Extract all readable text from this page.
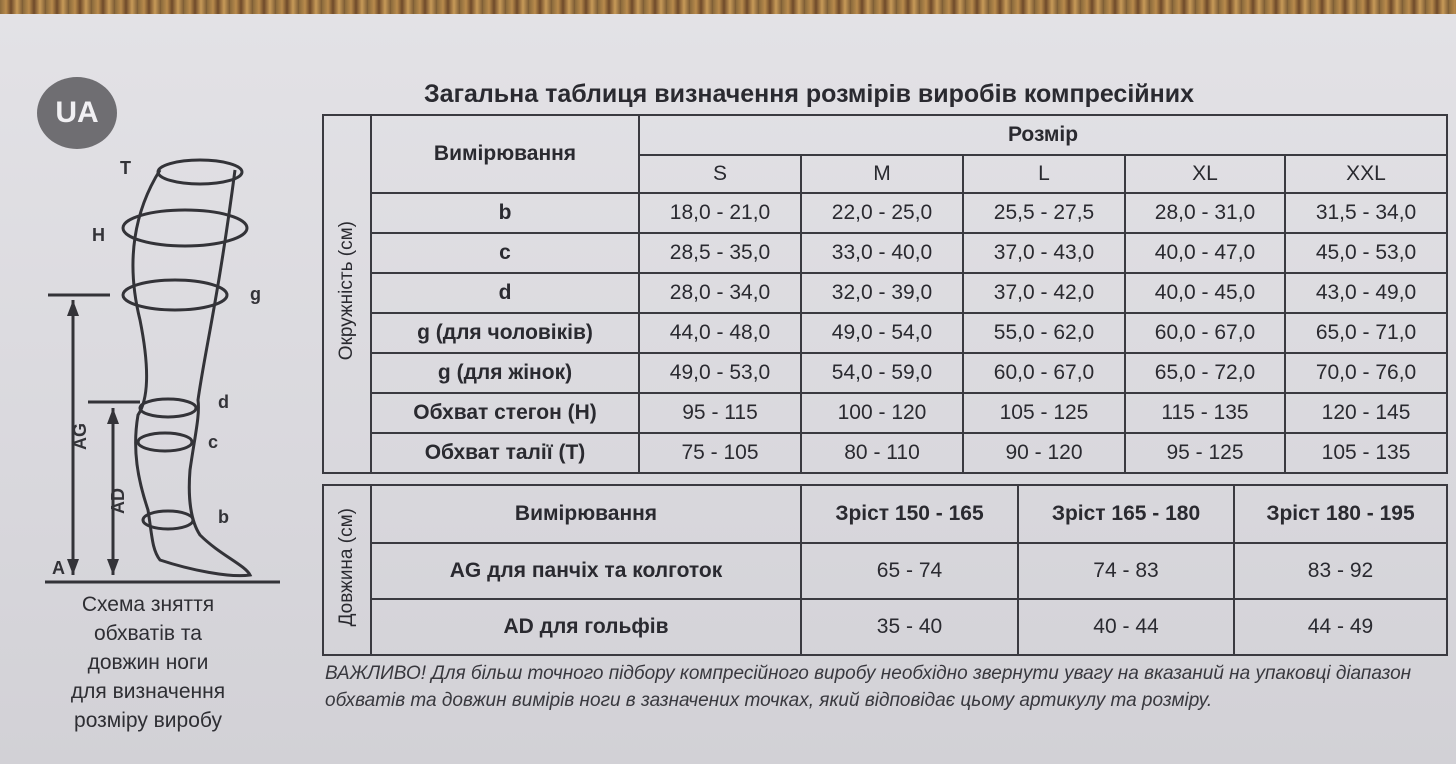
UA
T
H
g
d
c
b
A
AG
AD
Схема зняття
обхватів та
довжин ноги
для визначення
розміру виробу
Загальна таблиця визначення розмірів виробів компресійних
Окружність (см)	Вимірювання	Розмір				
		S	M	L	XL	XXL
	b	18,0 - 21,0	22,0 - 25,0	25,5 - 27,5	28,0 - 31,0	31,5 - 34,0
	c	28,5 - 35,0	33,0 - 40,0	37,0 - 43,0	40,0 - 47,0	45,0 - 53,0
	d	28,0 - 34,0	32,0 - 39,0	37,0 - 42,0	40,0 - 45,0	43,0 - 49,0
	g (для чоловіків)	44,0 - 48,0	49,0 - 54,0	55,0 - 62,0	60,0 - 67,0	65,0 - 71,0
	g (для жінок)	49,0 - 53,0	54,0 - 59,0	60,0 - 67,0	65,0 - 72,0	70,0 - 76,0
	Обхват стегон (H)	95 - 115	100 - 120	105 - 125	115 - 135	120 - 145
	Обхват талії (T)	75 - 105	80 - 110	90 - 120	95 - 125	105 - 135
Довжина (см)	Вимірювання	Зріст 150 - 165	Зріст 165 - 180	Зріст 180 - 195
	AG для панчіх та колготок	65 - 74	74 - 83	83 - 92
	AD для гольфів	35 - 40	40 - 44	44 - 49
ВАЖЛИВО! Для більш точного підбору компресійного виробу необхідно звернути увагу на вказаний на упаковці діапазон обхватів та довжин вимірів ноги в зазначених точках, який відповідає цьому артикулу та розміру.
